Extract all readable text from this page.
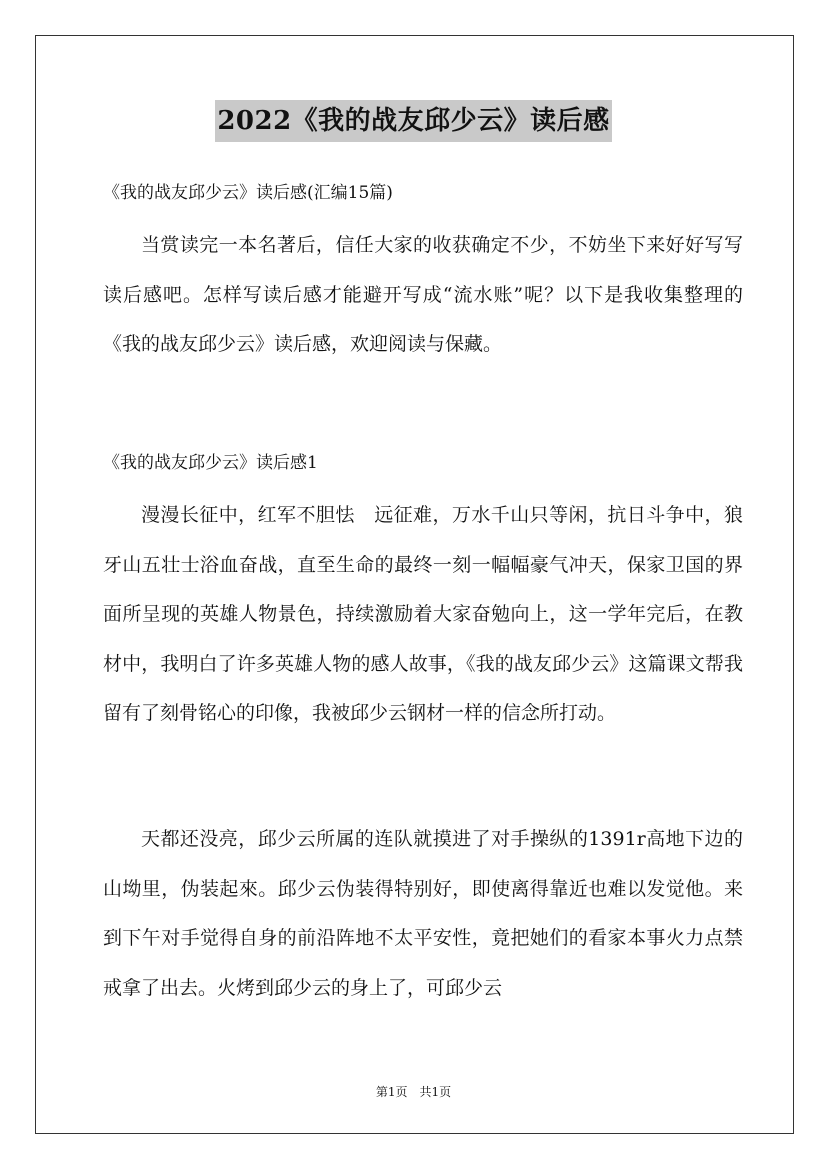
2022《我的战友邱少云》读后感
《我的战友邱少云》读后感(汇编15篇)

当赏读完一本名著后，信任大家的收获确定不少，不妨坐下来好好写写读后感吧。怎样写读后感才能避开写成“流水账”呢？以下是我收集整理的《我的战友邱少云》读后感，欢迎阅读与保藏。

《我的战友邱少云》读后感1

漫漫长征中，红军不胆怯　远征难，万水千山只等闲，抗日斗争中，狼牙山五壮士浴血奋战，直至生命的最终一刻一幅幅豪气冲天，保家卫国的界面所呈现的英雄人物景色，持续激励着大家奋勉向上，这一学年完后，在教材中，我明白了许多英雄人物的感人故事，《我的战友邱少云》这篇课文帮我留有了刻骨铭心的印像，我被邱少云钢材一样的信念所打动。

天都还没亮，邱少云所属的连队就摸进了对手操纵的1391r高地下边的山坳里，伪装起來。邱少云伪装得特别好，即使离得靠近也难以发觉他。来到下午对手觉得自身的前沿阵地不太平安性，竟把她们的看家本事火力点禁戒拿了出去。火烤到邱少云的身上了，可邱少云

第1页　共1页
